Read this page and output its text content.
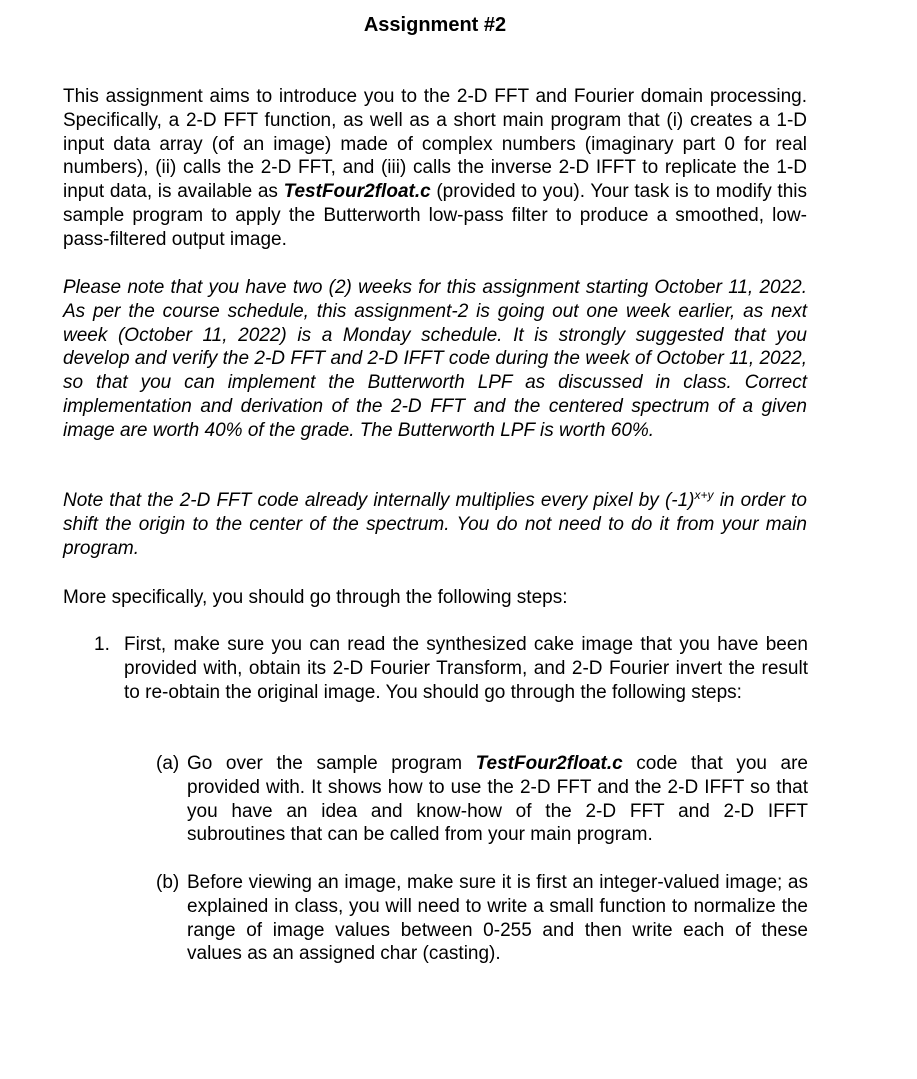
Assignment #2
This assignment aims to introduce you to the 2-D FFT and Fourier domain processing. Specifically, a 2-D FFT function, as well as a short main program that (i) creates a 1-D input data array (of an image) made of complex numbers (imaginary part 0 for real numbers), (ii) calls the 2-D FFT, and (iii) calls the inverse 2-D IFFT to replicate the 1-D input data, is available as TestFour2float.c (provided to you). Your task is to modify this sample program to apply the Butterworth low-pass filter to produce a smoothed, low-pass-filtered output image.
Please note that you have two (2) weeks for this assignment starting October 11, 2022. As per the course schedule, this assignment-2 is going out one week earlier, as next week (October 11, 2022) is a Monday schedule. It is strongly suggested that you develop and verify the 2-D FFT and 2-D IFFT code during the week of October 11, 2022, so that you can implement the Butterworth LPF as discussed in class. Correct implementation and derivation of the 2-D FFT and the centered spectrum of a given image are worth 40% of the grade. The Butterworth LPF is worth 60%.
Note that the 2-D FFT code already internally multiplies every pixel by $(-1)^{x+y}$ in order to shift the origin to the center of the spectrum. You do not need to do it from your main program.
More specifically, you should go through the following steps:
1. First, make sure you can read the synthesized cake image that you have been provided with, obtain its 2-D Fourier Transform, and 2-D Fourier invert the result to re-obtain the original image. You should go through the following steps:
(a) Go over the sample program TestFour2float.c code that you are provided with. It shows how to use the 2-D FFT and the 2-D IFFT so that you have an idea and know-how of the 2-D FFT and 2-D IFFT subroutines that can be called from your main program.
(b) Before viewing an image, make sure it is first an integer-valued image; as explained in class, you will need to write a small function to normalize the range of image values between 0-255 and then write each of these values as an assigned char (casting).
